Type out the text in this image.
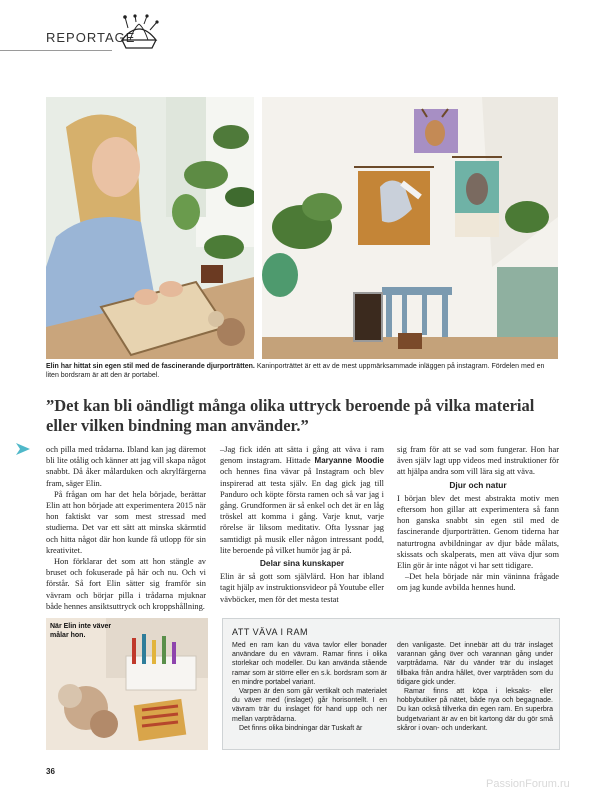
REPORTAGE
Elin har hittat sin egen stil med de fascinerande djurporträtten. Kaninporträttet är ett av de mest uppmärksammade inläggen på instagram. Fördelen med en liten bordsram är att den är portabel.
”Det kan bli oändligt många olika uttryck beroende på vilka material eller vilken bindning man använder.”

och pilla med trådarna. Ibland kan jag däremot bli lite otålig och känner att jag vill skapa något snabbt. Då åker målarduken och akrylfärgerna fram, säger Elin.

På frågan om har det hela började, berättar Elin att hon började att experimentera 2015 när hon faktiskt var som mest stressad med studierna. Det var ett sätt att minska skärmtid och hitta något där hon kunde få utlopp för sin kreativitet.

Hon förklarar det som att hon stängle av bruset och fokuserade på här och nu. Och vi förstår. Så fort Elin sätter sig framför sin vävram och börjar pilla i trådarna mjuknar både hennes ansiktsuttryck och kroppshållning.

–Jag fick idén att sätta i gång att väva i ram genom instagram. Hittade Maryanne Moodie och hennes fina vävar på Instagram och blev inspirerad att testa själv. En dag gick jag till Panduro och köpte första ramen och så var jag i gång. Grundformen är så enkel och det är en låg tröskel att komma i gång. Varje knut, varje rörelse är liksom meditativ. Ofta lyssnar jag samtidigt på musik eller någon intressant podd, lite beroende på vilket humör jag är på.

Delar sina kunskaper

Elin är så gott som självlärd. Hon har ibland tagit hjälp av instruktionsvideor på Youtube eller vävböcker, men för det mesta testat

sig fram för att se vad som fungerar. Hon har även själv lagt upp videos med instruktioner för att hjälpa andra som vill lära sig att väva.

Djur och natur

I början blev det mest abstrakta motiv men eftersom hon gillar att experimentera så fann hon ganska snabbt sin egen stil med de fascinerande djurporträtten. Genom tiderna har naturtrogna avbildningar av djur både målats, skissats och skalperats, men att väva djur som Elin gör är inte något vi har sett tidigare.

–Det hela började när min väninna frågade om jag kunde avbilda hennes hund.

När Elin inte väver målar hon.	ATT VÄVA I RAM

Med en ram kan du väva tavlor eller bonader användare du en vävram. Ramar finns i olika storlekar och modeller. Du kan använda stående ramar som är större eller en s.k. bordsram som är en mindre portabel variant.

Varpen är den som går vertikalt och materialet du väver med (inslaget) går horisontellt. I en vävram trär du inslaget för hand upp och ner mellan varptrådarna.

Det finns olika bindningar där Tuskaft är

den vanligaste. Det innebär att du trär inslaget varannan gång över och varannan gång under varptrådarna. När du vänder trär du inslaget tillbaka från andra hållet, över varptråden som du tidigare gick under.

Ramar finns att köpa i leksaks- eller hobbybutiker på nätet, både nya och begagnade. Du kan också tillverka din egen ram. En superbra budgetvariant är av en bit kartong där du gör små skåror i ovan- och underkant.

36
PassionForum.ru
